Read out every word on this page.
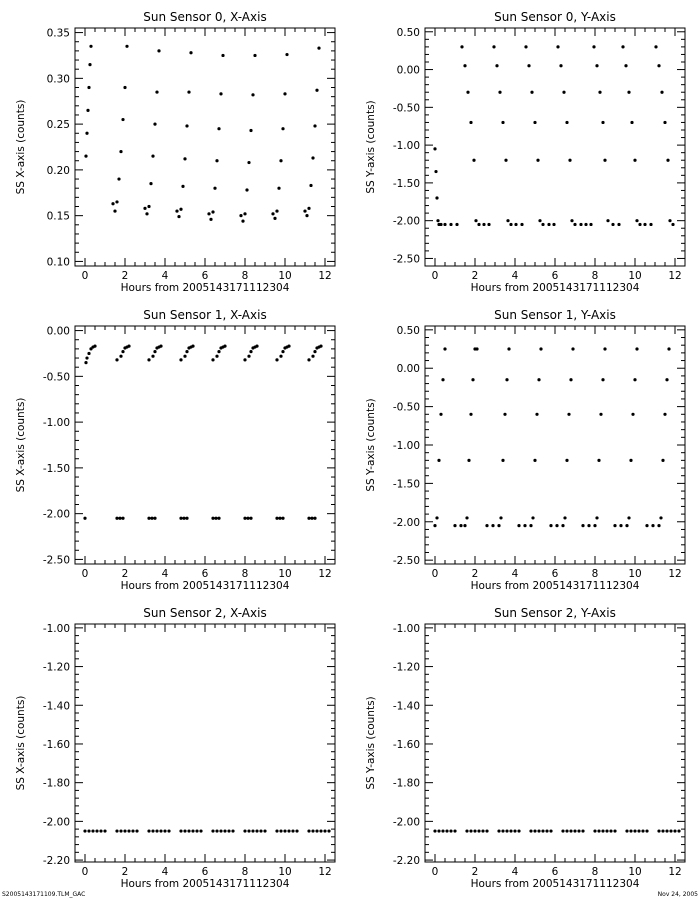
Sun Sensor 0, X-Axis
0	2	4	6	8	10	12
0.10
0.15
0.20
0.25
0.30
0.35
Hours from 2005143171112304
SS X-axis (counts)
Sun Sensor 0, Y-Axis
0	2	4	6	8	10	12
-2.50
-2.00
-1.50
-1.00
-0.50
0.00
0.50
Hours from 2005143171112304
SS Y-axis (counts)
Sun Sensor 1, X-Axis
0	2	4	6	8	10	12
-2.50
-2.00
-1.50
-1.00
-0.50
0.00
Hours from 2005143171112304
SS X-axis (counts)
Sun Sensor 1, Y-Axis
0	2	4	6	8	10	12
-2.50
-2.00
-1.50
-1.00
-0.50
0.00
0.50
Hours from 2005143171112304
SS Y-axis (counts)
Sun Sensor 2, X-Axis
0	2	4	6	8	10	12
-2.20
-2.00
-1.80
-1.60
-1.40
-1.20
-1.00
Hours from 2005143171112304
SS X-axis (counts)
Sun Sensor 2, Y-Axis
0	2	4	6	8	10	12
-2.20
-2.00
-1.80
-1.60
-1.40
-1.20
-1.00
Hours from 2005143171112304
SS Y-axis (counts)
S2005143171109.TLM_GAC	Nov 24, 2005
